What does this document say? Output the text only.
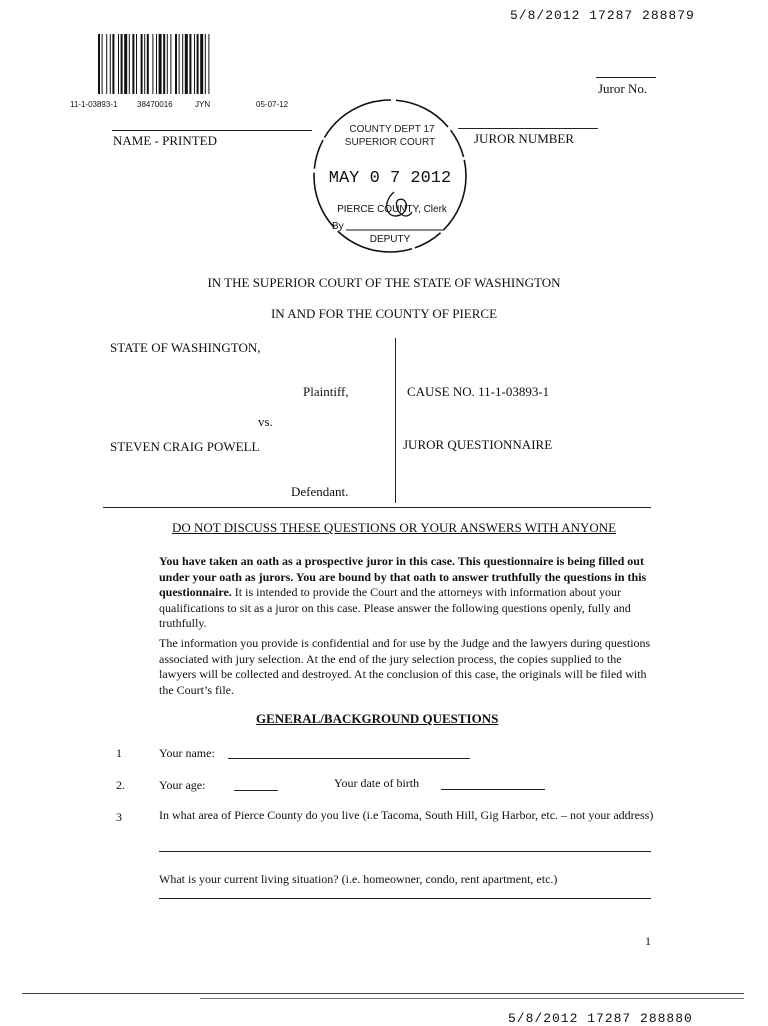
5/8/2012 17287 288879
5/8/2012 17287 288880
11-1-03893-1 38470016	JYN	05-07-12
Juror No.
NAME - PRINTED	JUROR NUMBER
COUNTY DEPT 17
SUPERIOR COURT
MAY 0 7 2012
PIERCE COUNTY, Clerk
By
DEPUTY
IN THE SUPERIOR COURT OF THE STATE OF WASHINGTON
IN AND FOR THE COUNTY OF PIERCE
STATE OF WASHINGTON,
Plaintiff,
vs.
STEVEN CRAIG POWELL
Defendant.
CAUSE NO. 11-1-03893-1
JUROR QUESTIONNAIRE
DO NOT DISCUSS THESE QUESTIONS OR YOUR ANSWERS WITH ANYONE
You have taken an oath as a prospective juror in this case. This questionnaire is being filled out under your oath as jurors. You are bound by that oath to answer truthfully the questions in this questionnaire. It is intended to provide the Court and the attorneys with information about your qualifications to sit as a juror on this case. Please answer the following questions openly, fully and truthfully.
The information you provide is confidential and for use by the Judge and the lawyers during questions associated with jury selection. At the end of the jury selection process, the copies supplied to the lawyers will be collected and destroyed. At the conclusion of this case, the originals will be filed with the Court’s file.
GENERAL/BACKGROUND QUESTIONS
1	Your name:
2.	Your age:	Your date of birth
3	In what area of Pierce County do you live (i.e Tacoma, South Hill, Gig Harbor, etc. – not your address)
What is your current living situation? (i.e. homeowner, condo, rent apartment, etc.)
1
